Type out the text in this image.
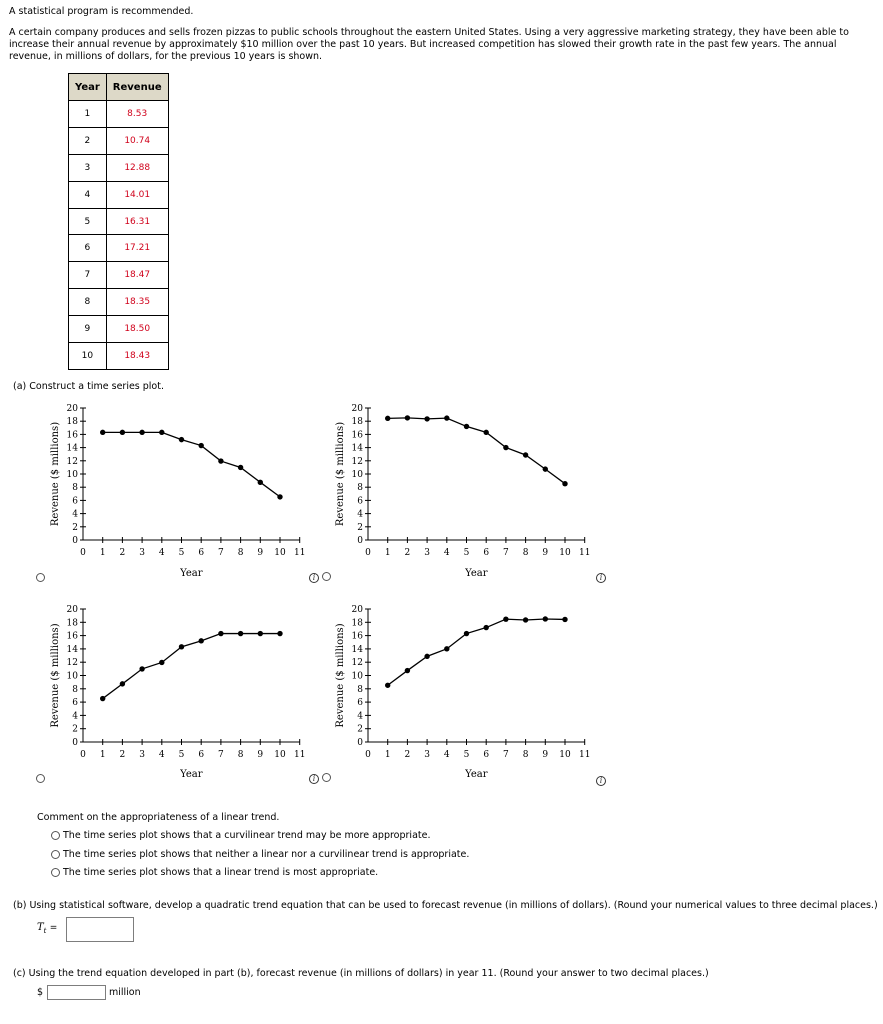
A statistical program is recommended.
A certain company produces and sells frozen pizzas to public schools throughout the eastern United States. Using a very aggressive marketing strategy, they have been able to increase their annual revenue by approximately $10 million over the past 10 years. But increased competition has slowed their growth rate in the past few years. The annual revenue, in millions of dollars, for the previous 10 years is shown.
Year	Revenue
1	8.53
2	10.74
3	12.88
4	14.01
5	16.31
6	17.21
7	18.47
8	18.35
9	18.50
10	18.43
(a) Construct a time series plot.
0
2
4
6
8
10
12
14
16
18
20
0 1 2 3 4 5 6 7 8 9 10 11
Year
Revenue ($ millions)
i
0
2
4
6
8
10
12
14
16
18
20
0 1 2 3 4 5 6 7 8 9 10 11
Year
Revenue ($ millions)
i
0
2
4
6
8
10
12
14
16
18
20
0 1 2 3 4 5 6 7 8 9 10 11
Year
Revenue ($ millions)
i
0
2
4
6
8
10
12
14
16
18
20
0 1 2 3 4 5 6 7 8 9 10 11
Year
Revenue ($ millions)
i
Comment on the appropriateness of a linear trend.
The time series plot shows that a curvilinear trend may be more appropriate.
The time series plot shows that neither a linear nor a curvilinear trend is appropriate.
The time series plot shows that a linear trend is most appropriate.
(b) Using statistical software, develop a quadratic trend equation that can be used to forecast revenue (in millions of dollars). (Round your numerical values to three decimal places.)
$T_t$ =
(c) Using the trend equation developed in part (b), forecast revenue (in millions of dollars) in year 11. (Round your answer to two decimal places.)
$	million
